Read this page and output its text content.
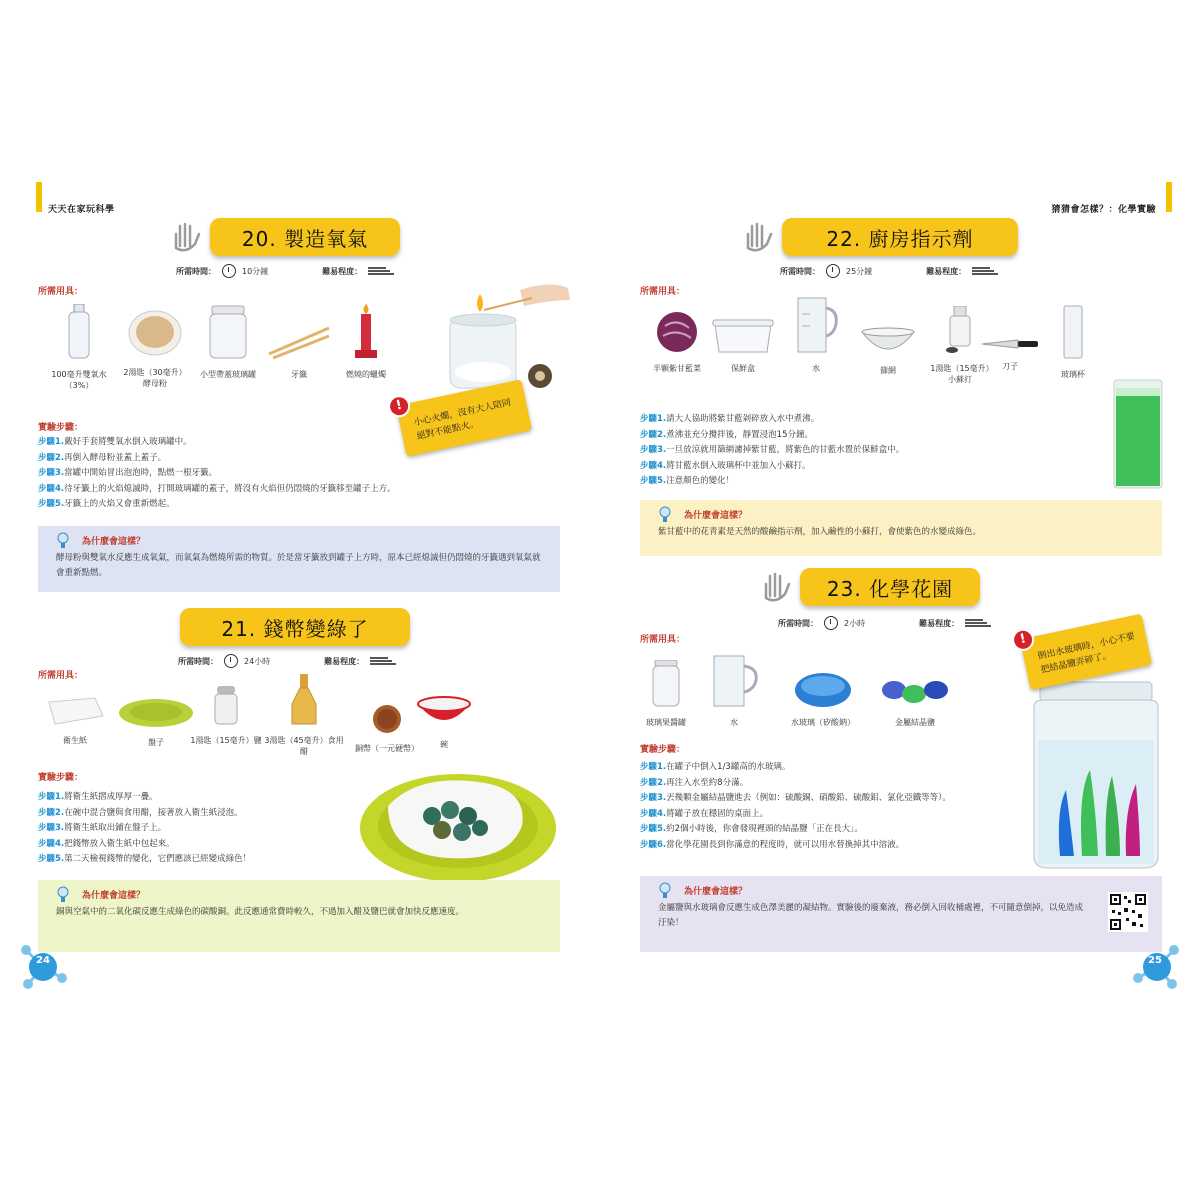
天天在家玩科學
20. 製造氧氣
所需時間：	10分鐘	難易程度：
所需用具：
100毫升雙氧水（3%）
2湯匙（30毫升）酵母粉
小型帶蓋玻璃罐	牙籤	燃燒的蠟燭
!	小心火燭，沒有大人陪同絕對不能點火。
實驗步驟：
步驟1.戴好手套將雙氧水倒入玻璃罐中。
步驟2.再倒入酵母粉並蓋上蓋子。
步驟3.當罐中開始冒出泡泡時，點燃一根牙籤。
步驟4.待牙籤上的火焰熄滅時，打開玻璃罐的蓋子，將沒有火焰但仍悶燒的牙籤移至罐子上方。
步驟5.牙籤上的火焰又會重新燃起。
為什麼會這樣？
酵母粉與雙氧水反應生成氧氣，而氧氣為燃燒所需的物質。於是當牙籤放到罐子上方時，原本已經熄滅但仍悶燒的牙籤遇到氧氣就會重新點燃。
21. 錢幣變綠了
所需時間：	24小時	難易程度：
所需用具：
衛生紙	盤子	1湯匙（15毫升）鹽 3湯匙（45毫升）食用醋	銅幣（一元硬幣）	碗
實驗步驟：
步驟1.將衛生紙摺成厚厚一疊。
步驟2.在碗中混合鹽與食用醋，接著放入衛生紙浸泡。
步驟3.將衛生紙取出鋪在盤子上。
步驟4.把錢幣放入衛生紙中包起來。
步驟5.第二天檢視錢幣的變化，它們應該已經變成綠色！
為什麼會這樣？
銅與空氣中的二氧化碳反應生成綠色的碳酸銅。此反應通常費時較久，不過加入醋及鹽巴就會加快反應速度。
24
猜猜會怎樣？：化學實驗
22. 廚房指示劑
所需時間：	25分鐘	難易程度：
所需用具：
半顆紫甘藍菜	保鮮盒	水	篩網	1湯匙（15毫升）小蘇打
刀子
玻璃杯
步驟1.請大人協助將紫甘藍剁碎放入水中煮沸。
步驟2.煮沸並充分攪拌後，靜置浸泡15分鐘。
步驟3.一旦放涼就用篩網濾掉紫甘藍，將紫色的甘藍水置於保鮮盒中。
步驟4.將甘藍水倒入玻璃杯中並加入小蘇打。
步驟5.注意顏色的變化！
為什麼會這樣？
紫甘藍中的花青素是天然的酸鹼指示劑，加入鹼性的小蘇打，會使紫色的水變成綠色。
23. 化學花園
所需時間：	2小時	難易程度：
所需用具：
玻璃果醬罐	水	水玻璃（矽酸鈉）	金屬結晶鹽
!	倒出水玻璃時，小心不要把結晶鹽弄碎了。
實驗步驟：
步驟1.在罐子中倒入1/3罐高的水玻璃。
步驟2.再注入水至約8分滿。
步驟3.丟幾顆金屬結晶鹽進去（例如：硫酸銅、硝酸鉛、硫酸鋁、氯化亞鐵等等）。
步驟4.將罐子放在穩固的桌面上。
步驟5.約2個小時後，你會發現裡頭的結晶鹽「正在長大」。
步驟6.當化學花園長到你滿意的程度時，就可以用水替換掉其中溶液。
為什麼會這樣？
金屬鹽與水玻璃會反應生成色澤美麗的凝結物。實驗後的廢棄液，務必倒入回收桶處裡，不可隨意倒掉，以免造成汙染！
25
